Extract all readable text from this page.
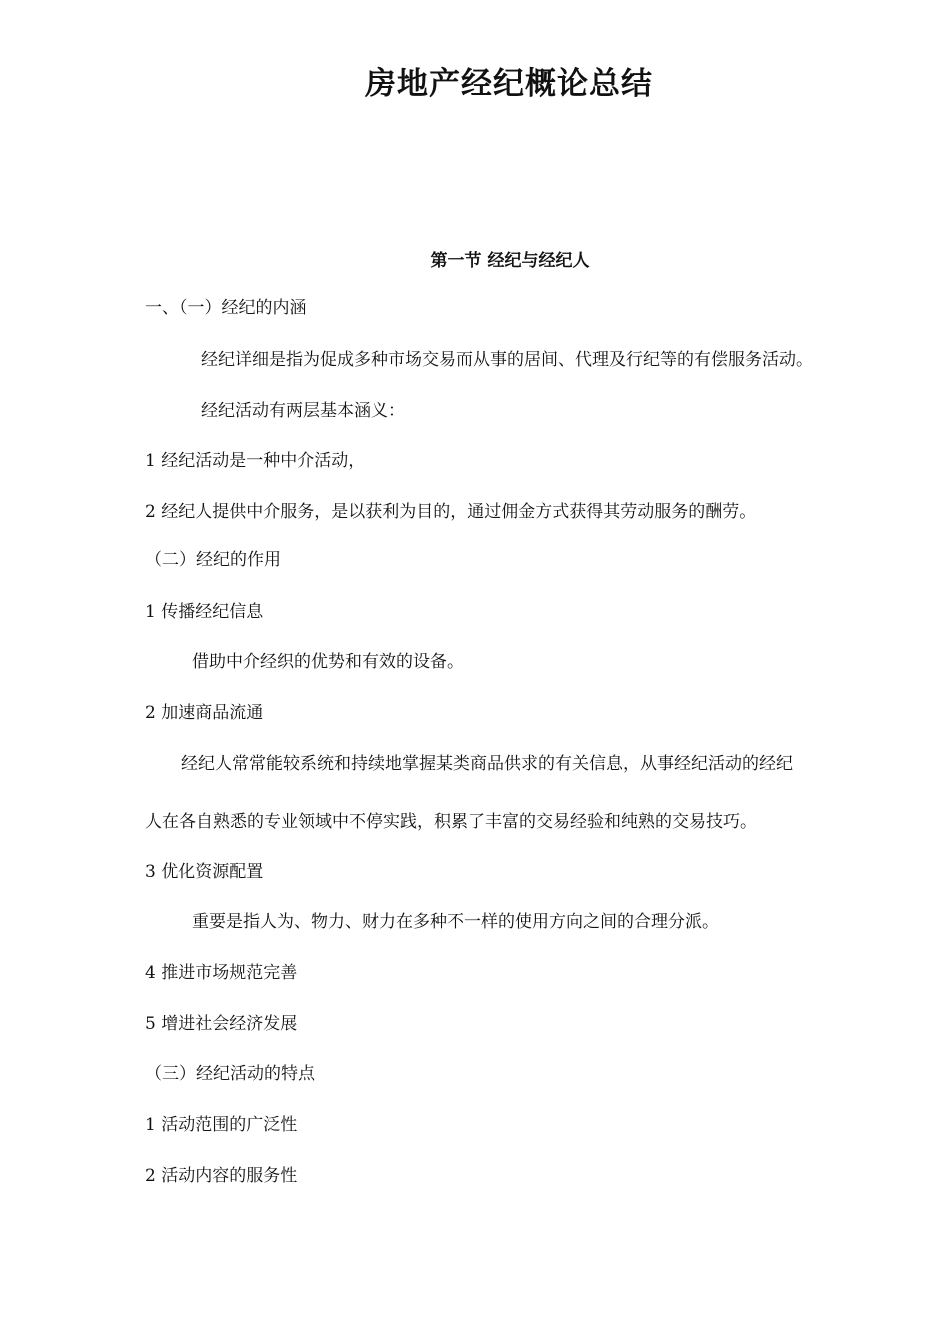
房地产经纪概论总结
第一节 经纪与经纪人

一、（一）经纪的内涵

经纪详细是指为促成多种市场交易而从事的居间、代理及行纪等的有偿服务活动。

经纪活动有两层基本涵义：

1 经纪活动是一种中介活动，

2 经纪人提供中介服务，是以获利为目的，通过佣金方式获得其劳动服务的酬劳。

（二）经纪的作用

1 传播经纪信息

借助中介经织的优势和有效的设备。

2 加速商品流通

经纪人常常能较系统和持续地掌握某类商品供求的有关信息，从事经纪活动的经纪

人在各自熟悉的专业领域中不停实践，积累了丰富的交易经验和纯熟的交易技巧。

3 优化资源配置

重要是指人为、物力、财力在多种不一样的使用方向之间的合理分派。

4 推进市场规范完善

5 增进社会经济发展

（三）经纪活动的特点

1 活动范围的广泛性

2 活动内容的服务性
